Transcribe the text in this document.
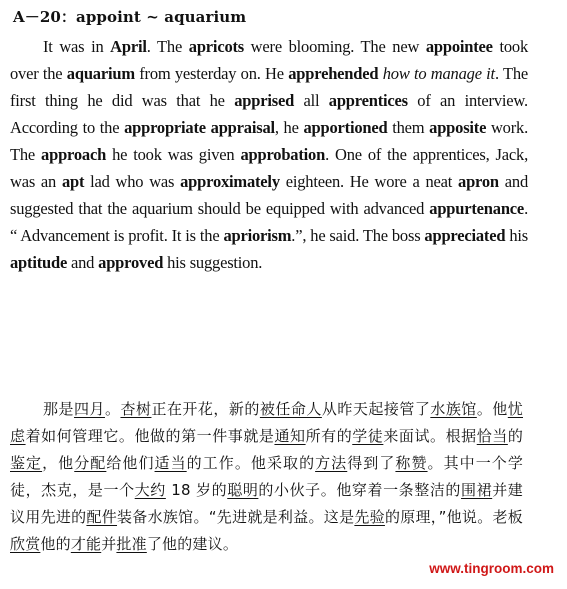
A－20：appoint ~ aquarium

It was in April. The apricots were blooming. The new appointee took over the aquarium from yesterday on. He apprehended how to manage it. The first thing he did was that he apprised all apprentices of an interview. According to the appropriate appraisal, he apportioned them apposite work. The approach he took was given approbation. One of the apprentices, Jack, was an apt lad who was approximately eighteen. He wore a neat apron and suggested that the aquarium should be equipped with advanced appurtenance. “ Advancement is profit. It is the apriorism.”, he said. The boss appreciated his aptitude and approved his suggestion.

那是四月。杏树正在开花，新的被任命人从昨天起接管了水族馆。他忧虑着如何管理它。他做的第一件事就是通知所有的学徒来面试。根据恰当的鉴定，他分配给他们适当的工作。他采取的方法得到了称赞。其中一个学徒，杰克，是一个大约 18 岁的聪明的小伙子。他穿着一条整洁的围裙并建议用先进的配件装备水族馆。“先进就是利益。这是先验的原理，”他说。老板欣赏他的才能并批准了他的建议。

www.tingroom.com
